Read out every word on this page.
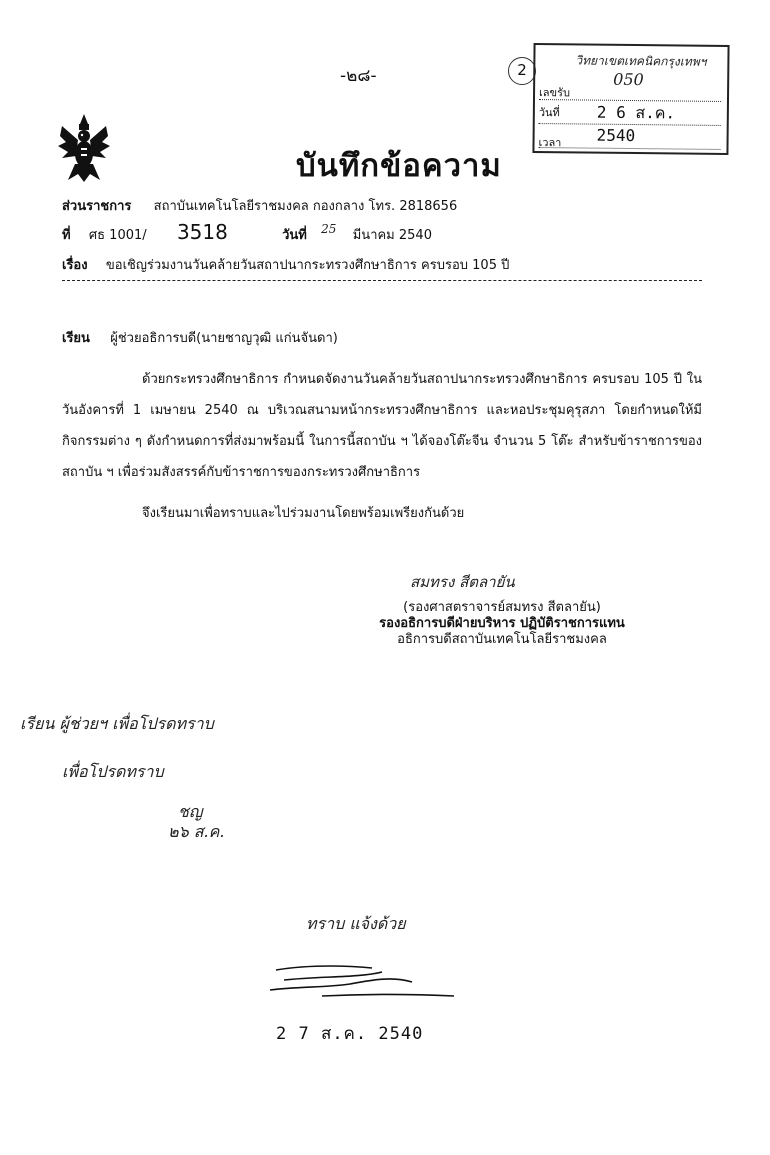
-๒๘-
บันทึกข้อความ
2	วิทยาเขตเทคนิคกรุงเทพฯ
050
เลขรับ
วันที่ 2 6 ส.ค. 2540
เวลา
ส่วนราชการ สถาบันเทคโนโลยีราชมงคล กองกลาง โทร. 2818656
ที่ ศธ 1001/ 3518	วันที่ 25 มีนาคม 2540
เรื่อง ขอเชิญร่วมงานวันคล้ายวันสถาปนากระทรวงศึกษาธิการ ครบรอบ 105 ปี
เรียน ผู้ช่วยอธิการบดี(นายชาญวุฒิ แก่นจันดา)

ด้วยกระทรวงศึกษาธิการ กำหนดจัดงานวันคล้ายวันสถาปนากระทรวงศึกษาธิการ ครบรอบ 105 ปี ในวันอังคารที่ 1 เมษายน 2540 ณ บริเวณสนามหน้ากระทรวงศึกษาธิการ และหอประชุมคุรุสภา โดยกำหนดให้มีกิจกรรมต่าง ๆ ดังกำหนดการที่ส่งมาพร้อมนี้ ในการนี้สถาบัน ฯ ได้จองโต๊ะจีน จำนวน 5 โต๊ะ สำหรับข้าราชการของสถาบัน ฯ เพื่อร่วมสังสรรค์กับข้าราชการของกระทรวงศึกษาธิการ

จึงเรียนมาเพื่อทราบและไปร่วมงานโดยพร้อมเพรียงกันด้วย

สมทรง สีตลายัน
(รองศาสตราจารย์สมทรง สีตลายัน)
รองอธิการบดีฝ่ายบริหาร ปฏิบัติราชการแทน
อธิการบดีสถาบันเทคโนโลยีราชมงคล
เรียน ผู้ช่วยฯ เพื่อโปรดทราบ
เพื่อโปรดทราบ
ชญ
๒๖ ส.ค.
ทราบ แจ้งด้วย
2 7 ส.ค. 2540
